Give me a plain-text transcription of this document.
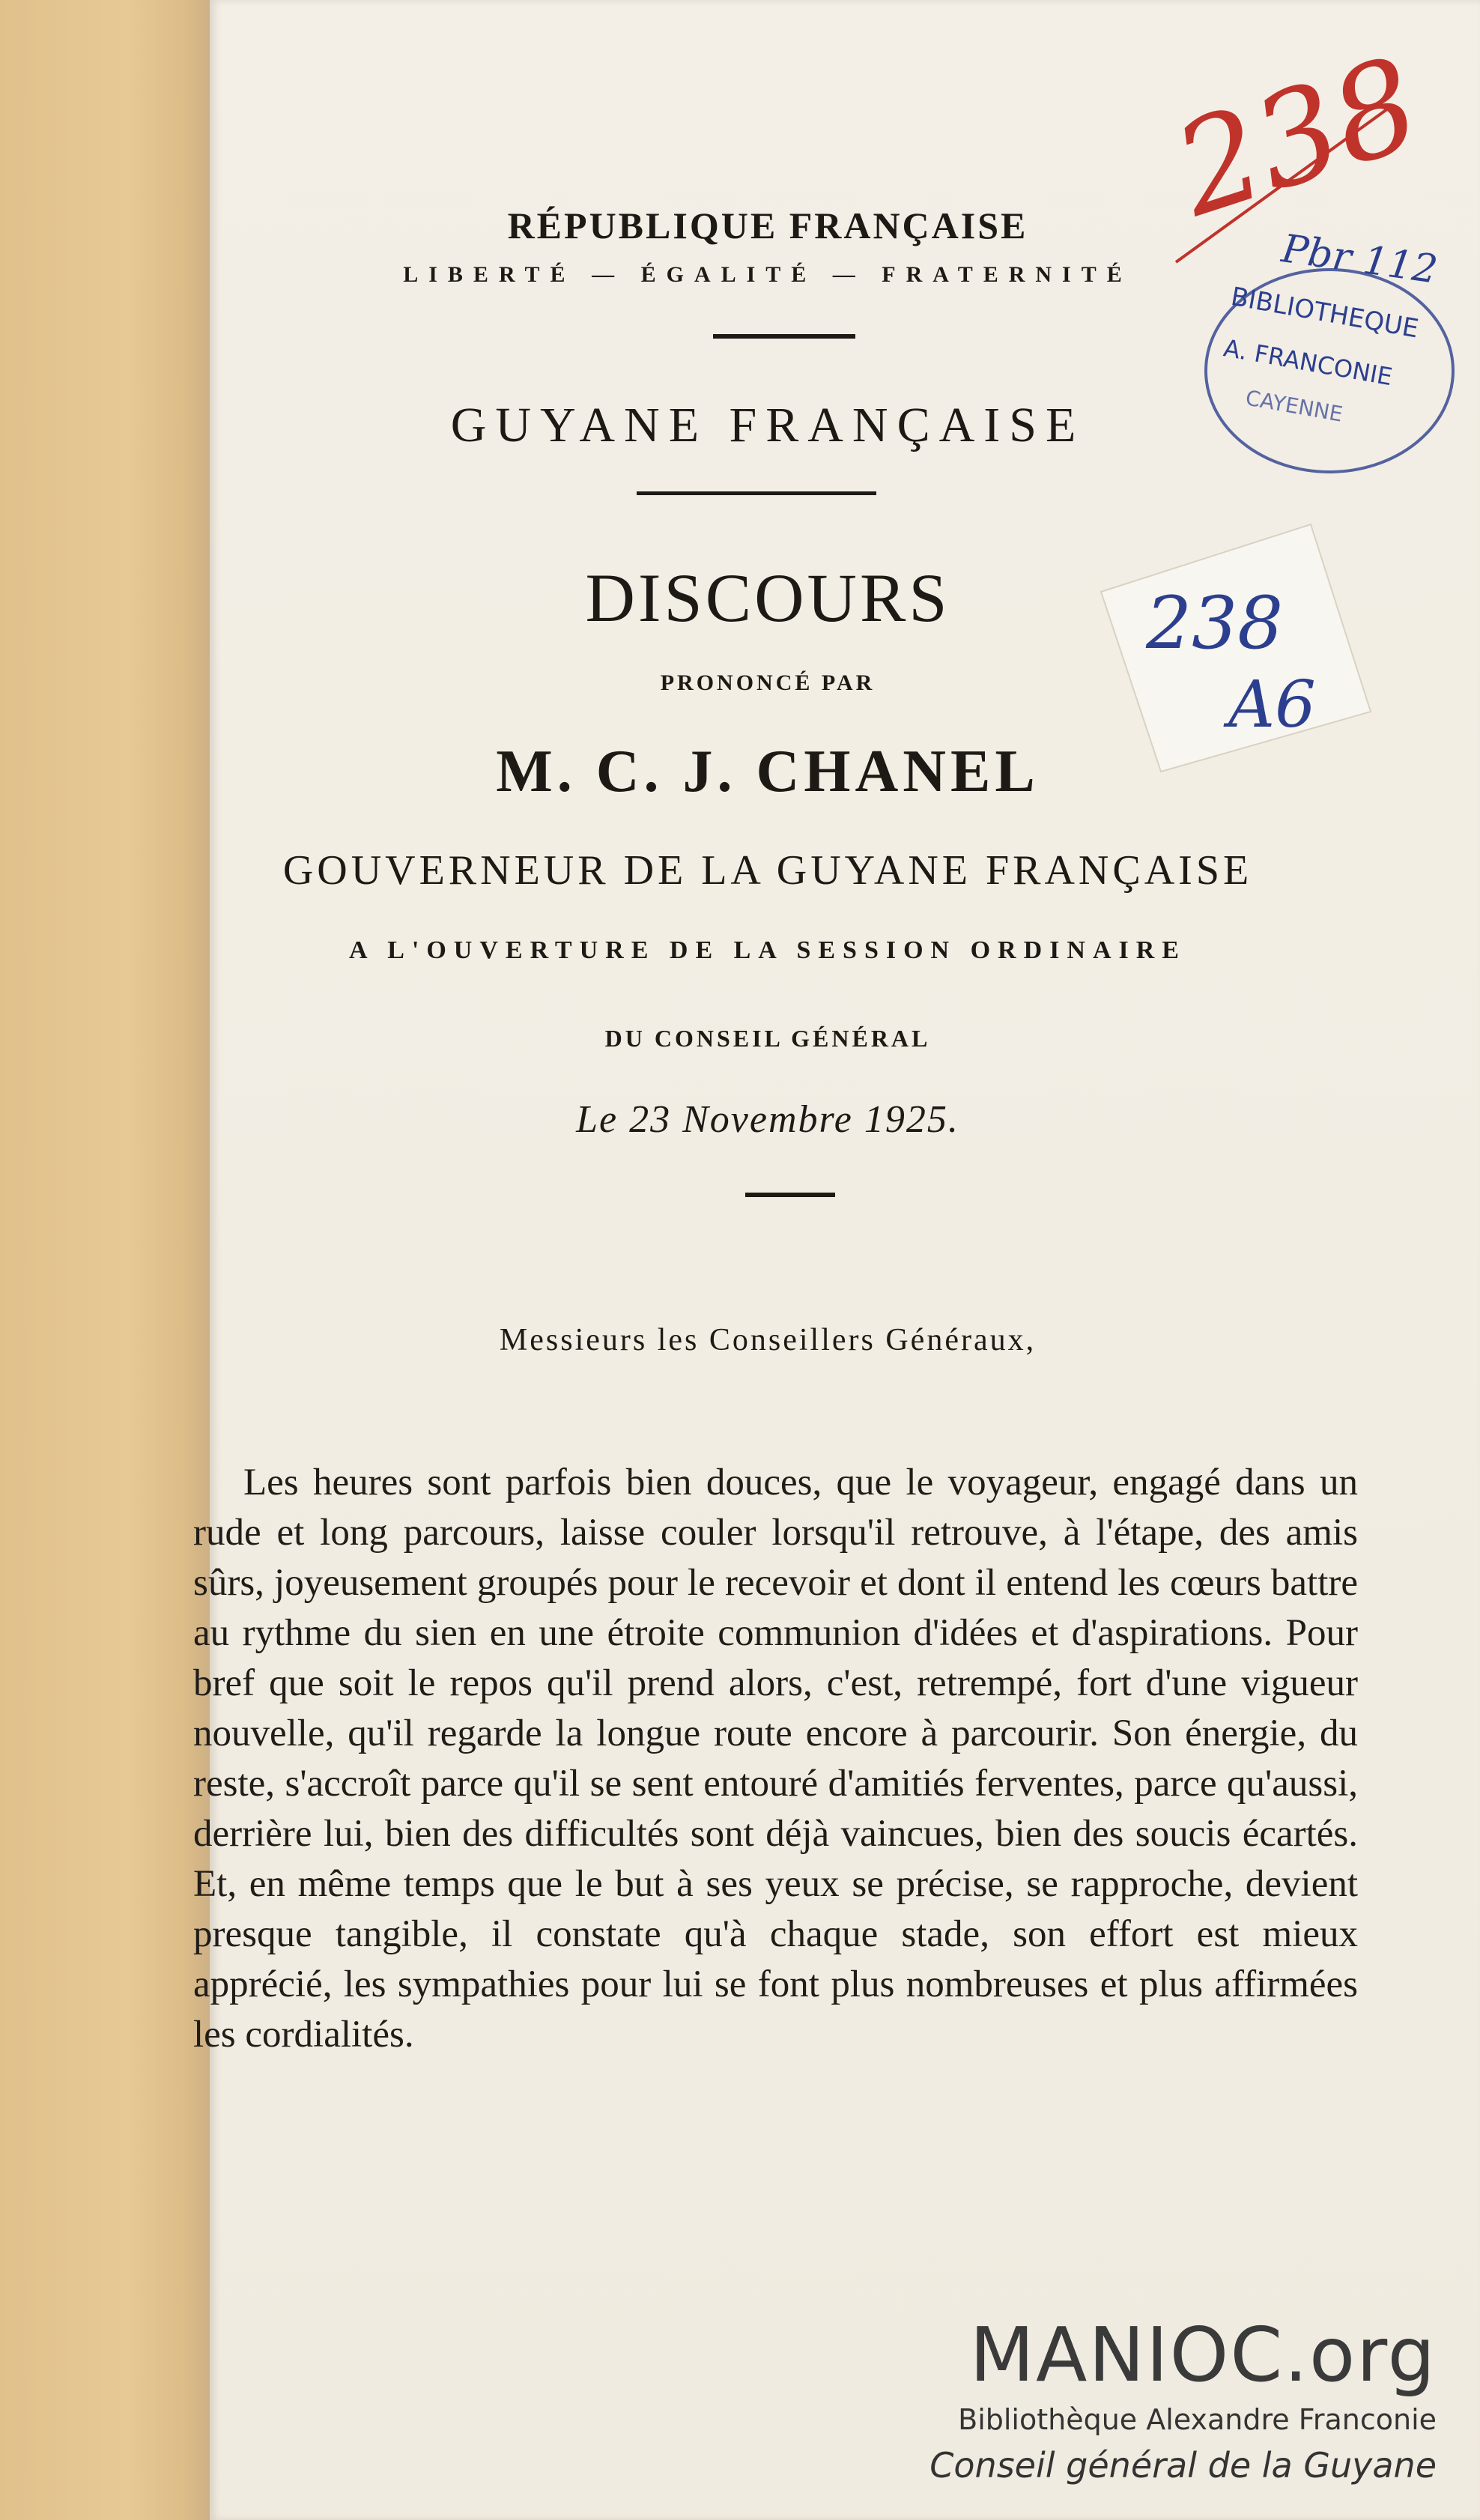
RÉPUBLIQUE FRANÇAISE
LIBERTÉ — ÉGALITÉ — FRATERNITÉ
GUYANE FRANÇAISE
DISCOURS
PRONONCÉ PAR
M. C. J. CHANEL
GOUVERNEUR DE LA GUYANE FRANÇAISE
A L'OUVERTURE DE LA SESSION ORDINAIRE
DU CONSEIL GÉNÉRAL
Le 23 Novembre 1925.
Messieurs les Conseillers Généraux,

Les heures sont parfois bien douces, que le voyageur, engagé dans un rude et long parcours, laisse couler lorsqu'il retrouve, à l'étape, des amis sûrs, joyeusement groupés pour le recevoir et dont il entend les cœurs battre au rythme du sien en une étroite communion d'idées et d'aspirations. Pour bref que soit le repos qu'il prend alors, c'est, retrempé, fort d'une vigueur nouvelle, qu'il regarde la longue route encore à parcourir. Son énergie, du reste, s'accroît parce qu'il se sent entouré d'amitiés ferventes, parce qu'aussi, derrière lui, bien des difficultés sont déjà vaincues, bien des soucis écartés. Et, en même temps que le but à ses yeux se précise, se rapproche, devient presque tangible, il constate qu'à chaque stade, son effort est mieux apprécié, les sympathies pour lui se font plus nombreuses et plus affirmées les cordialités.

238
Pbr 112
BIBLIOTHEQUE
A. FRANCONIE
CAYENNE
238
A6
MANIOC.org
Bibliothèque Alexandre Franconie
Conseil général de la Guyane
